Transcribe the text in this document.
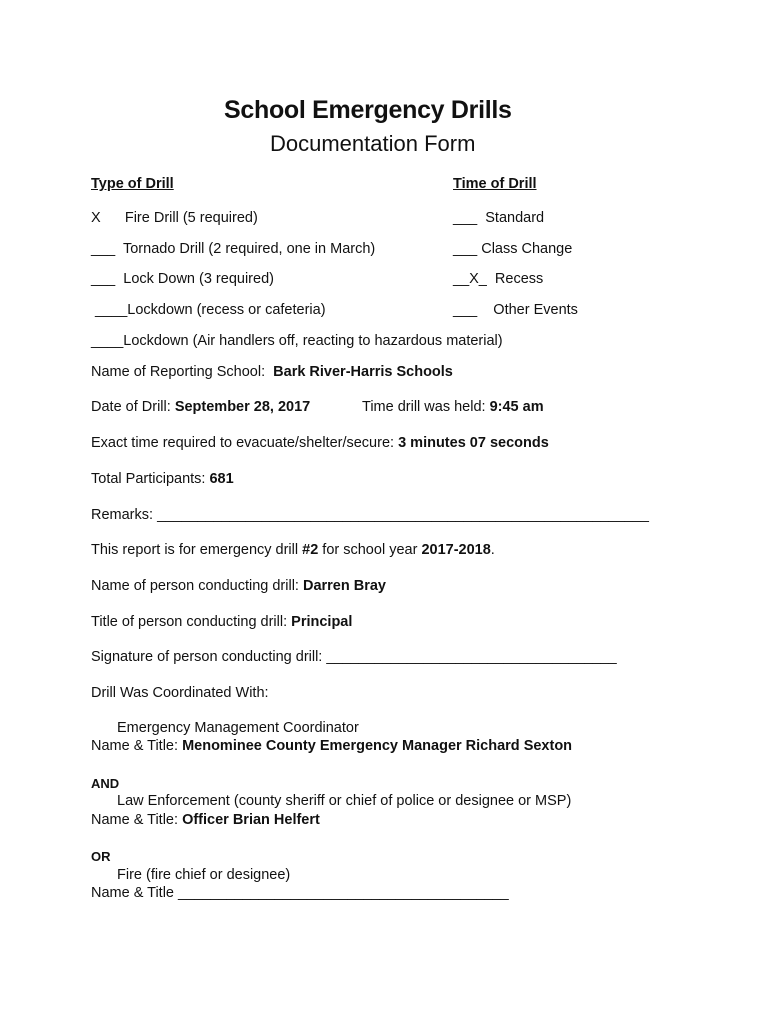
School Emergency Drills
Documentation Form
Type of Drill	Time of Drill
X      Fire Drill (5 required)
___  Tornado Drill (2 required, one in March)
___  Lock Down (3 required)
____Lockdown (recess or cafeteria)
____Lockdown (Air handlers off, reacting to hazardous material)
___  Standard
___ Class Change
__X_  Recess
___    Other Events
Name of Reporting School: Bark River-Harris Schools
Date of Drill: September 28, 2017	Time drill was held: 9:45 am
Exact time required to evacuate/shelter/secure: 3 minutes 07 seconds
Total Participants: 681
Remarks: _____________________________________________________________
This report is for emergency drill #2 for school year 2017-2018.
Name of person conducting drill: Darren Bray
Title of person conducting drill: Principal
Signature of person conducting drill: ____________________________________
Drill Was Coordinated With:
Emergency Management Coordinator
Name & Title: Menominee County Emergency Manager Richard Sexton
AND
Law Enforcement (county sheriff or chief of police or designee or MSP)
Name & Title: Officer Brian Helfert
OR
Fire (fire chief or designee)
Name & Title _________________________________________
